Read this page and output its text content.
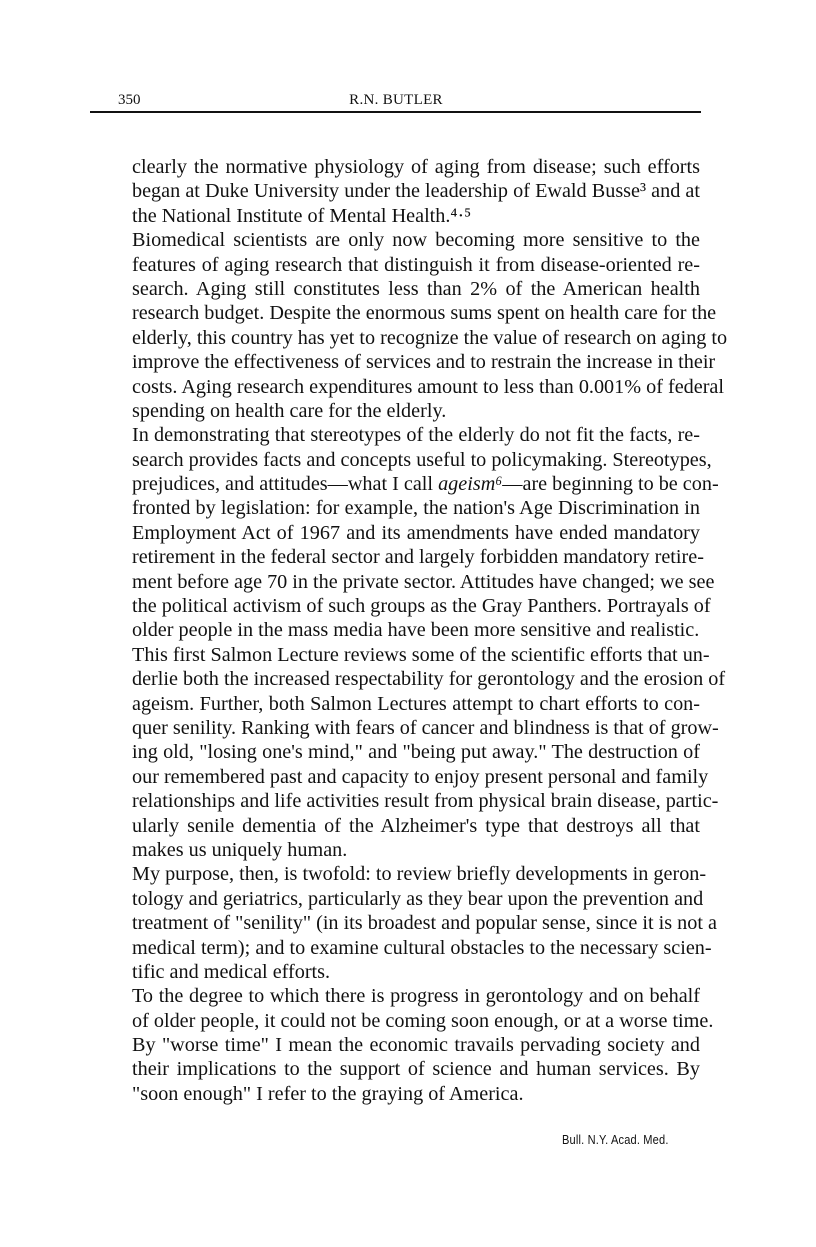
350	R.N. BUTLER
clearly the normative physiology of aging from disease; such efforts
began at Duke University under the leadership of Ewald Busse³ and at
the National Institute of Mental Health.⁴·⁵
Biomedical scientists are only now becoming more sensitive to the
features of aging research that distinguish it from disease-oriented re-
search. Aging still constitutes less than 2% of the American health
research budget. Despite the enormous sums spent on health care for the
elderly, this country has yet to recognize the value of research on aging to
improve the effectiveness of services and to restrain the increase in their
costs. Aging research expenditures amount to less than 0.001% of federal
spending on health care for the elderly.
In demonstrating that stereotypes of the elderly do not fit the facts, re-
search provides facts and concepts useful to policymaking. Stereotypes,
prejudices, and attitudes—what I call ageism⁶—are beginning to be con-
fronted by legislation: for example, the nation's Age Discrimination in
Employment Act of 1967 and its amendments have ended mandatory
retirement in the federal sector and largely forbidden mandatory retire-
ment before age 70 in the private sector. Attitudes have changed; we see
the political activism of such groups as the Gray Panthers. Portrayals of
older people in the mass media have been more sensitive and realistic.
This first Salmon Lecture reviews some of the scientific efforts that un-
derlie both the increased respectability for gerontology and the erosion of
ageism. Further, both Salmon Lectures attempt to chart efforts to con-
quer senility. Ranking with fears of cancer and blindness is that of grow-
ing old, "losing one's mind," and "being put away." The destruction of
our remembered past and capacity to enjoy present personal and family
relationships and life activities result from physical brain disease, partic-
ularly senile dementia of the Alzheimer's type that destroys all that
makes us uniquely human.
My purpose, then, is twofold: to review briefly developments in geron-
tology and geriatrics, particularly as they bear upon the prevention and
treatment of "senility" (in its broadest and popular sense, since it is not a
medical term); and to examine cultural obstacles to the necessary scien-
tific and medical efforts.
To the degree to which there is progress in gerontology and on behalf
of older people, it could not be coming soon enough, or at a worse time.
By "worse time" I mean the economic travails pervading society and
their implications to the support of science and human services. By
"soon enough" I refer to the graying of America.
Bull. N.Y. Acad. Med.
